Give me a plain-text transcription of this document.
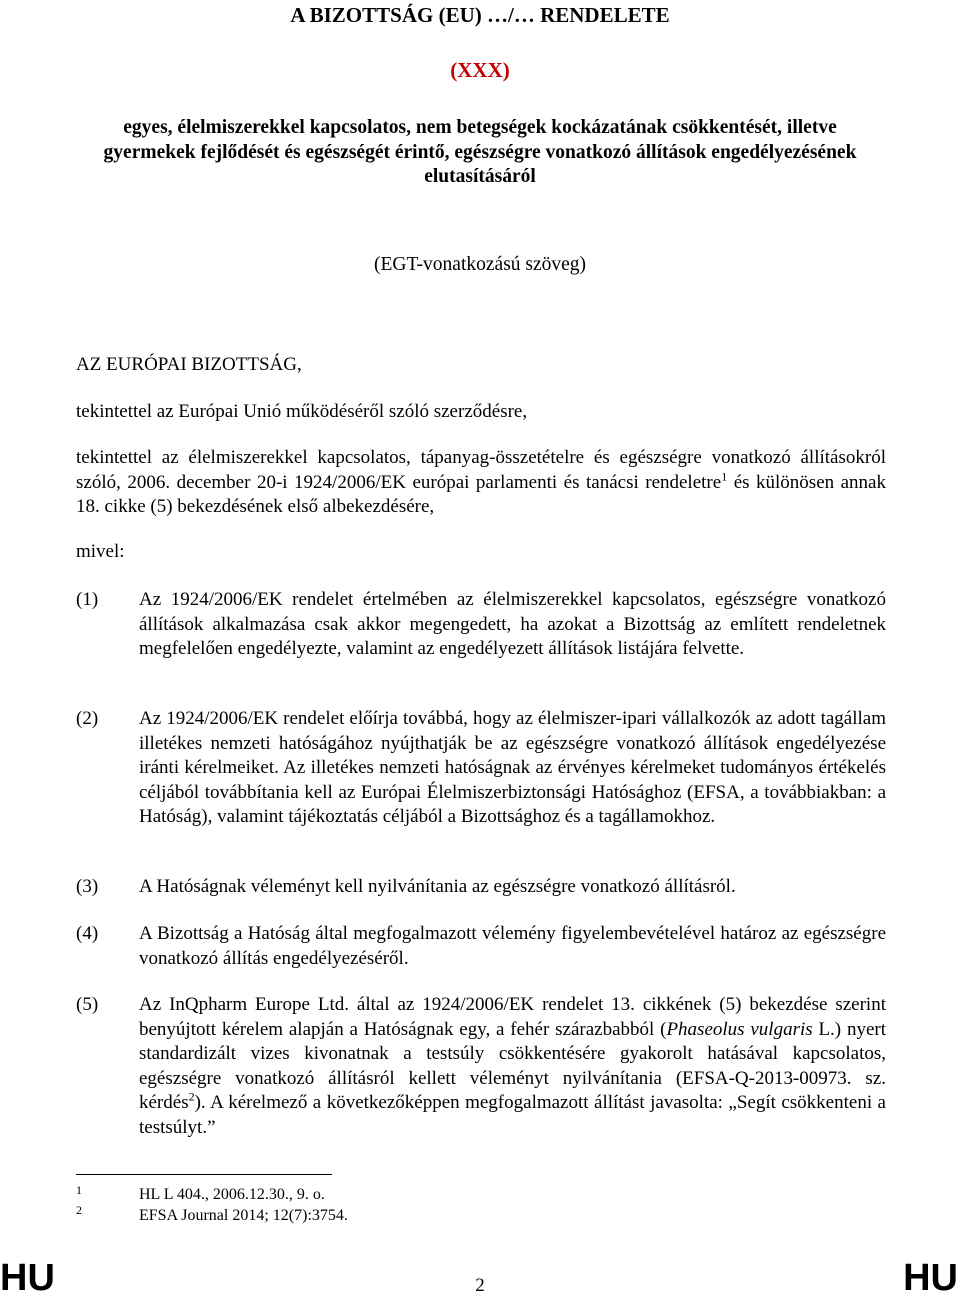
A BIZOTTSÁG (EU) …/… RENDELETE
(XXX)
egyes, élelmiszerekkel kapcsolatos, nem betegségek kockázatának csökkentését, illetve gyermekek fejlődését és egészségét érintő, egészségre vonatkozó állítások engedélyezésének elutasításáról
(EGT-vonatkozású szöveg)
AZ EURÓPAI BIZOTTSÁG,
tekintettel az Európai Unió működéséről szóló szerződésre,
tekintettel az élelmiszerekkel kapcsolatos, tápanyag-összetételre és egészségre vonatkozó állításokról szóló, 2006. december 20-i 1924/2006/EK európai parlamenti és tanácsi rendeletre$^1$ és különösen annak 18. cikke (5) bekezdésének első albekezdésére,
mivel:
(1) Az 1924/2006/EK rendelet értelmében az élelmiszerekkel kapcsolatos, egészségre vonatkozó állítások alkalmazása csak akkor megengedett, ha azokat a Bizottság az említett rendeletnek megfelelően engedélyezte, valamint az engedélyezett állítások listájára felvette.
(2) Az 1924/2006/EK rendelet előírja továbbá, hogy az élelmiszer-ipari vállalkozók az adott tagállam illetékes nemzeti hatóságához nyújthatják be az egészségre vonatkozó állítások engedélyezése iránti kérelmeiket. Az illetékes nemzeti hatóságnak az érvényes kérelmeket tudományos értékelés céljából továbbítania kell az Európai Élelmiszerbiztonsági Hatósághoz (EFSA, a továbbiakban: a Hatóság), valamint tájékoztatás céljából a Bizottsághoz és a tagállamokhoz.
(3) A Hatóságnak véleményt kell nyilvánítania az egészségre vonatkozó állításról.
(4) A Bizottság a Hatóság által megfogalmazott vélemény figyelembevételével határoz az egészségre vonatkozó állítás engedélyezéséről.
(5) Az InQpharm Europe Ltd. által az 1924/2006/EK rendelet 13. cikkének (5) bekezdése szerint benyújtott kérelem alapján a Hatóságnak egy, a fehér szárazbabból (Phaseolus vulgaris L.) nyert standardizált vizes kivonatnak a testsúly csökkentésére gyakorolt hatásával kapcsolatos, egészségre vonatkozó állításról kellett véleményt nyilvánítania (EFSA-Q-2013-00973. sz. kérdés$^2$). A kérelmező a következőképpen megfogalmazott állítást javasolta: „Segít csökkenteni a testsúlyt.”
1	HL L 404., 2006.12.30., 9. o.
2	EFSA Journal 2014; 12(7):3754.
HU	2	HU
